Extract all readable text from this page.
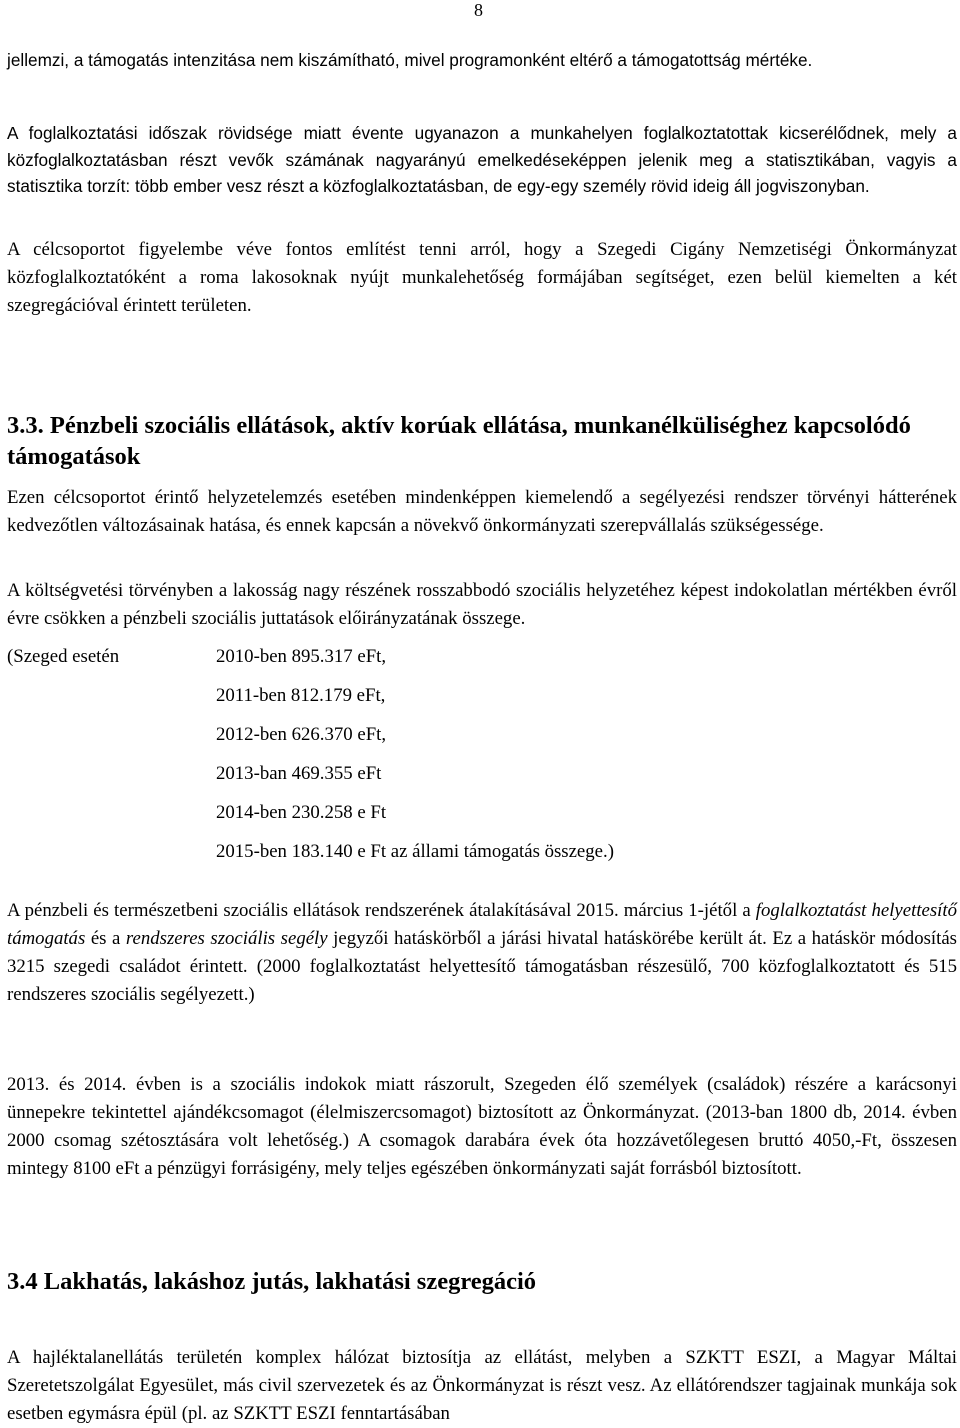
8

jellemzi, a támogatás intenzitása nem kiszámítható, mivel programonként eltérő a támogatottság mértéke.

A foglalkoztatási időszak rövidsége miatt évente ugyanazon a munkahelyen foglalkoztatottak kicserélődnek, mely a közfoglalkoztatásban részt vevők számának nagyarányú emelkedéseképpen jelenik meg a statisztikában, vagyis a statisztika torzít: több ember vesz részt a közfoglalkoztatásban, de egy-egy személy rövid ideig áll jogviszonyban.

A célcsoportot figyelembe véve fontos említést tenni arról, hogy a Szegedi Cigány Nemzetiségi Önkormányzat közfoglalkoztatóként a roma lakosoknak nyújt munkalehetőség formájában segítséget, ezen belül kiemelten a két szegregációval érintett területen.

3.3. Pénzbeli szociális ellátások, aktív korúak ellátása, munkanélküliséghez kapcsolódó támogatások

Ezen célcsoportot érintő helyzetelemzés esetében mindenképpen kiemelendő a segélyezési rendszer törvényi hátterének kedvezőtlen változásainak hatása, és ennek kapcsán a növekvő önkormányzati szerepvállalás szükségessége.

A költségvetési törvényben a lakosság nagy részének rosszabbodó szociális helyzetéhez képest indokolatlan mértékben évről évre csökken a pénzbeli szociális juttatások előirányzatának összege.

(Szeged esetén	2010-ben 895.317 eFt,
2011-ben 812.179 eFt,
2012-ben 626.370 eFt,
2013-ban 469.355 eFt
2014-ben 230.258 e Ft
2015-ben 183.140 e Ft az állami támogatás összege.)

A pénzbeli és természetbeni szociális ellátások rendszerének átalakításával 2015. március 1-jétől a foglalkoztatást helyettesítő támogatás és a rendszeres szociális segély jegyzői hatáskörből a járási hivatal hatáskörébe került át. Ez a hatáskör módosítás 3215 szegedi családot érintett. (2000 foglalkoztatást helyettesítő támogatásban részesülő, 700 közfoglalkoztatott és 515 rendszeres szociális segélyezett.)

2013. és 2014. évben is a szociális indokok miatt rászorult, Szegeden élő személyek (családok) részére a karácsonyi ünnepekre tekintettel ajándékcsomagot (élelmiszercsomagot) biztosított az Önkormányzat. (2013-ban 1800 db, 2014. évben 2000 csomag szétosztására volt lehetőség.) A csomagok darabára évek óta hozzávetőlegesen bruttó 4050,-Ft, összesen mintegy 8100 eFt a pénzügyi forrásigény, mely teljes egészében önkormányzati saját forrásból biztosított.

3.4 Lakhatás, lakáshoz jutás, lakhatási szegregáció

A hajléktalanellátás területén komplex hálózat biztosítja az ellátást, melyben a SZKTT ESZI, a Magyar Máltai Szeretetszolgálat Egyesület, más civil szervezetek és az Önkormányzat is részt vesz. Az ellátórendszer tagjainak munkája sok esetben egymásra épül (pl. az SZKTT ESZI fenntartásában
